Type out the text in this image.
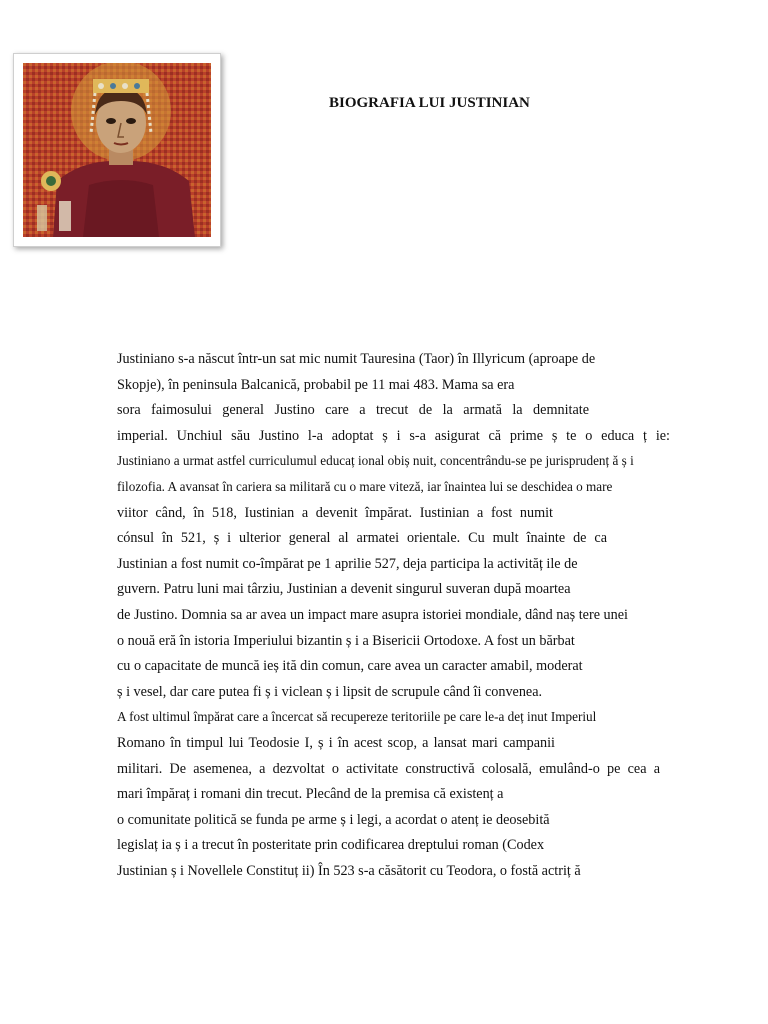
BIOGRAFIA LUI JUSTINIAN
Justiniano s-a născut într-un sat mic numit Tauresina (Taor) în Illyricum (aproape de
Skopje), în peninsula Balcanică, probabil pe 11 mai 483. Mama sa era
sora faimosului general Justino care a trecut de la armată la demnitate
imperial. Unchiul său Justino l-a adoptat ș i s-a asigurat că prime ș te o educa ț ie:
Justiniano a urmat astfel curriculumul educaț ional obiș nuit, concentrându-se pe jurisprudenț ă ș i
filozofia. A avansat în cariera sa militară cu o mare viteză, iar înaintea lui se deschidea o mare
viitor când, în 518, Iustinian a devenit împărat. Iustinian a fost numit
cónsul în 521, ș i ulterior general al armatei orientale. Cu mult înainte de ca
Justinian a fost numit co-împărat pe 1 aprilie 527, deja participa la activităț ile de
guvern. Patru luni mai târziu, Justinian a devenit singurul suveran după moartea
de Justino. Domnia sa ar avea un impact mare asupra istoriei mondiale, dând naș tere unei
o nouă eră în istoria Imperiului bizantin ș i a Bisericii Ortodoxe. A fost un bărbat
cu o capacitate de muncă ieș ită din comun, care avea un caracter amabil, moderat
ș i vesel, dar care putea fi ș i viclean ș i lipsit de scrupule când îi convenea.
A fost ultimul împărat care a încercat să recupereze teritoriile pe care le-a deț inut Imperiul
Romano în timpul lui Teodosie I, ș i în acest scop, a lansat mari campanii
militari. De asemenea, a dezvoltat o activitate constructivă colosală, emulând-o pe cea a
mari împăraț i romani din trecut. Plecând de la premisa că existenț a
o comunitate politică se funda pe arme ș i legi, a acordat o atenț ie deosebită
legislaț ia ș i a trecut în posteritate prin codificarea dreptului roman (Codex
Justinian ș i Novellele Constituț ii) În 523 s-a căsătorit cu Teodora, o fostă actriț ă
